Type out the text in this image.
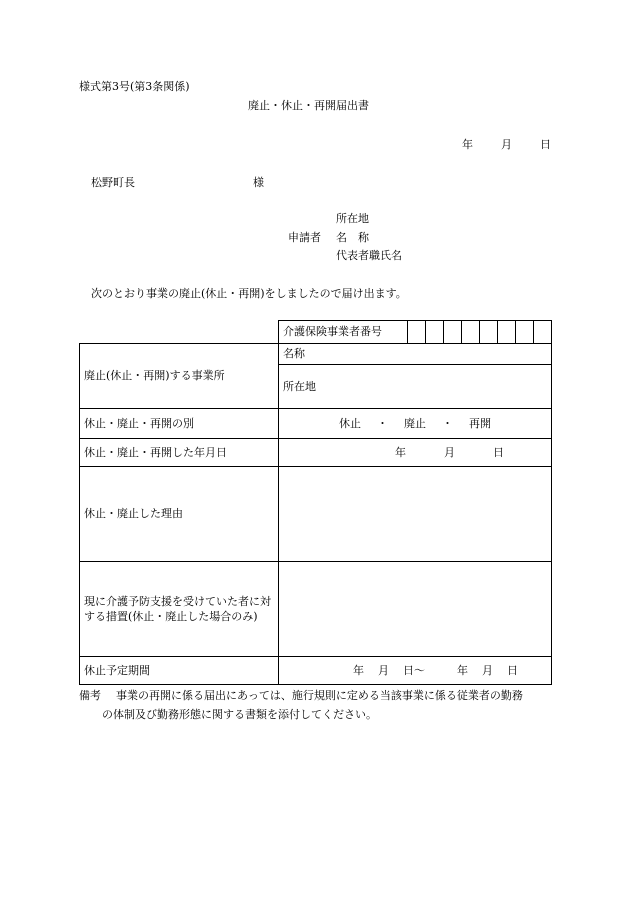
様式第3号(第3条関係)
廃止・休止・再開届出書
年	月	日
松野町長	様
所在地
申請者 名　称
代表者職氏名
次のとおり事業の廃止(休止・再開)をしましたので届け出ます。

介護保険事業者番号

廃止(休止・再開)する事業所	名称
	所在地
休止・廃止・再開の別	休止 ・ 廃止 ・ 再開
休止・廃止・再開した年月日	年 月 日
休止・廃止した理由	
現に介護予防支援を受けていた者に対する措置(休止・廃止した場合のみ)	
休止予定期間	年 月 日～ 年 月 日
備考 事業の再開に係る届出にあっては、施行規則に定める当該事業に係る従業者の勤務
の体制及び勤務形態に関する書類を添付してください。
